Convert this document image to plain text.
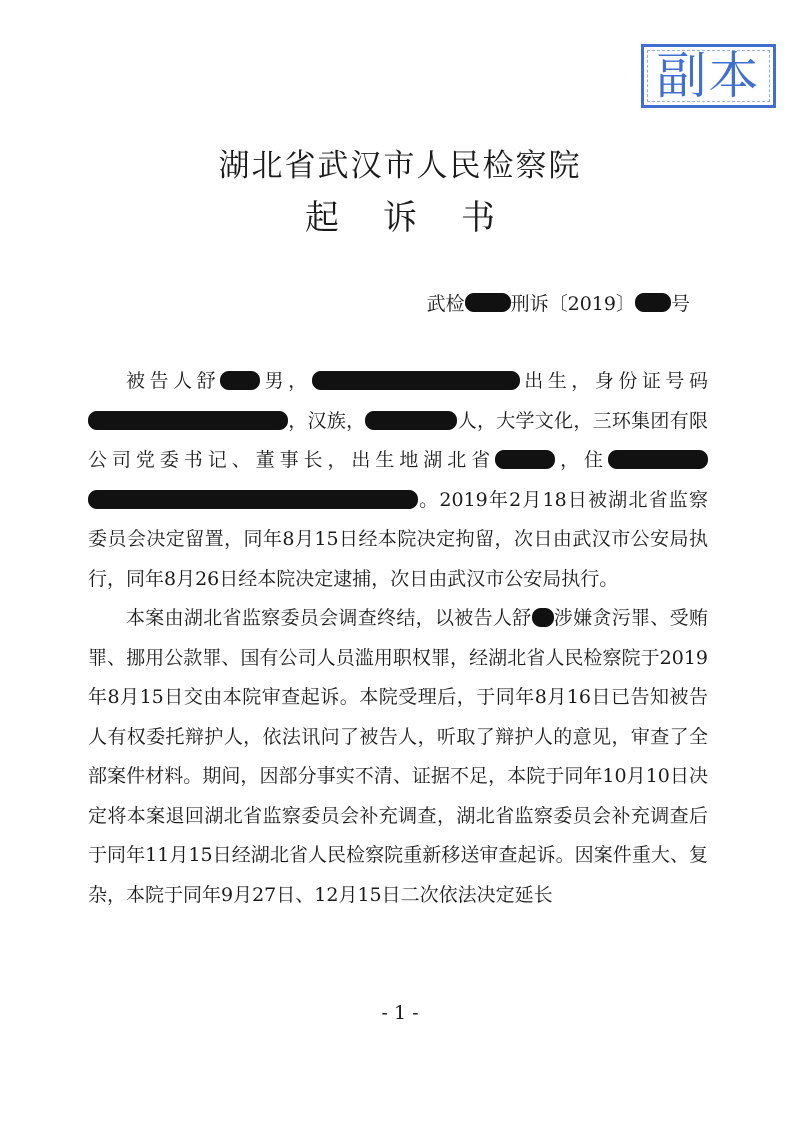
副本
湖北省武汉市人民检察院
起诉书
武检 刑诉〔2019〕 号

被告人舒 男，	出生，身份证号码，汉族，	人，大学文化，三环集团有限公司党委书记、董事长，出生地湖北省	，住。2019年2月18日被湖北省监察委员会决定留置，同年8月15日经本院决定拘留，次日由武汉市公安局执行，同年8月26日经本院决定逮捕，次日由武汉市公安局执行。

本案由湖北省监察委员会调查终结，以被告人舒 涉嫌贪污罪、受贿罪、挪用公款罪、国有公司人员滥用职权罪，经湖北省人民检察院于2019年8月15日交由本院审查起诉。本院受理后，于同年8月16日已告知被告人有权委托辩护人，依法讯问了被告人，听取了辩护人的意见，审查了全部案件材料。期间，因部分事实不清、证据不足，本院于同年10月10日决定将本案退回湖北省监察委员会补充调查，湖北省监察委员会补充调查后于同年11月15日经湖北省人民检察院重新移送审查起诉。因案件重大、复杂，本院于同年9月27日、12月15日二次依法决定延长

- 1 -
